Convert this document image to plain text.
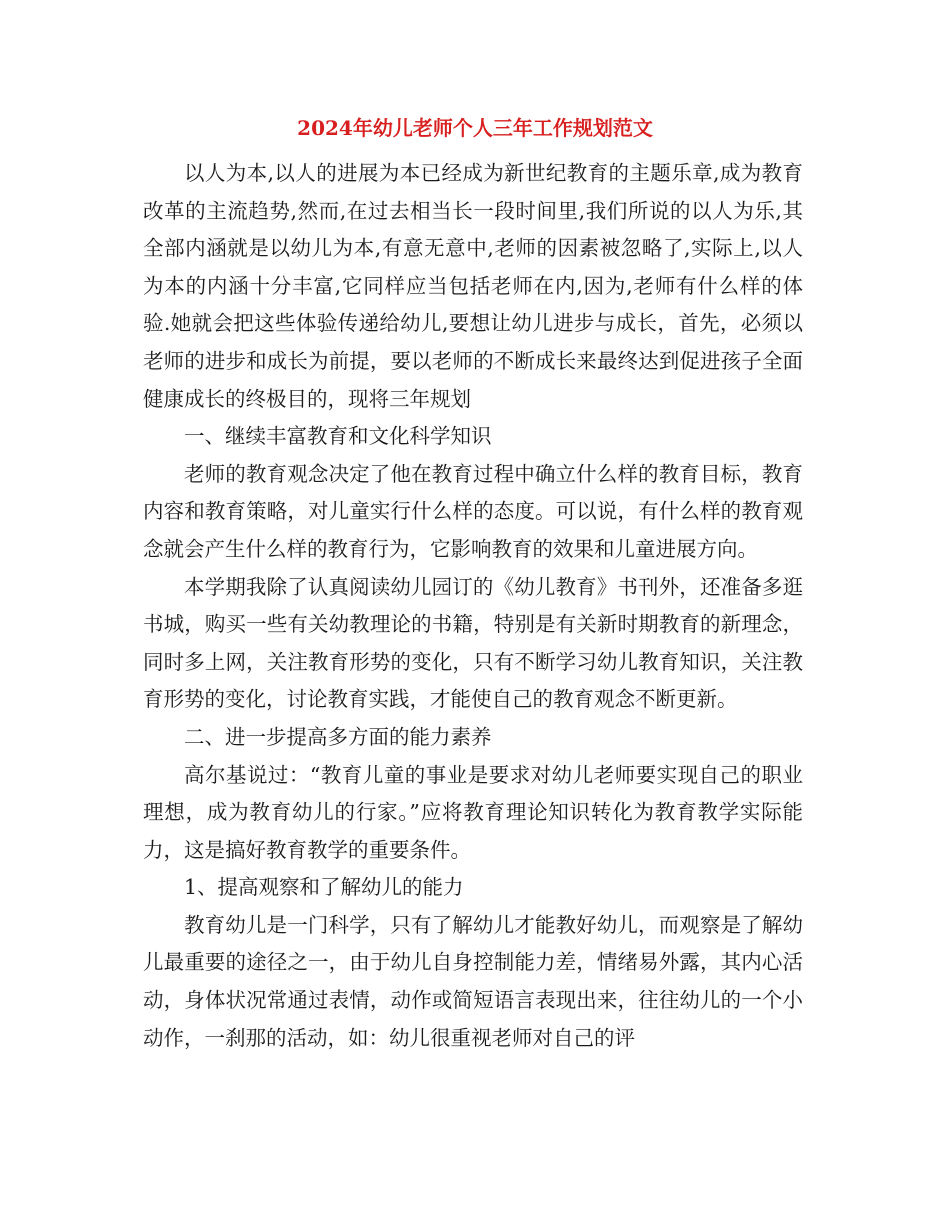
2024年幼儿老师个人三年工作规划范文

以人为本,以人的进展为本已经成为新世纪教育的主题乐章,成为教育改革的主流趋势,然而,在过去相当长一段时间里,我们所说的以人为乐,其全部内涵就是以幼儿为本,有意无意中,老师的因素被忽略了,实际上,以人为本的内涵十分丰富,它同样应当包括老师在内,因为,老师有什么样的体验.她就会把这些体验传递给幼儿,要想让幼儿进步与成长，首先，必须以老师的进步和成长为前提，要以老师的不断成长来最终达到促进孩子全面健康成长的终极目的，现将三年规划

一、继续丰富教育和文化科学知识

老师的教育观念决定了他在教育过程中确立什么样的教育目标，教育内容和教育策略，对儿童实行什么样的态度。可以说，有什么样的教育观念就会产生什么样的教育行为，它影响教育的效果和儿童进展方向。

本学期我除了认真阅读幼儿园订的《幼儿教育》书刊外，还准备多逛书城，购买一些有关幼教理论的书籍，特别是有关新时期教育的新理念，同时多上网，关注教育形势的变化，只有不断学习幼儿教育知识，关注教育形势的变化，讨论教育实践，才能使自己的教育观念不断更新。

二、进一步提高多方面的能力素养

高尔基说过：“教育儿童的事业是要求对幼儿老师要实现自己的职业理想，成为教育幼儿的行家。”应将教育理论知识转化为教育教学实际能力，这是搞好教育教学的重要条件。

1、提高观察和了解幼儿的能力

教育幼儿是一门科学，只有了解幼儿才能教好幼儿，而观察是了解幼儿最重要的途径之一，由于幼儿自身控制能力差，情绪易外露，其内心活动，身体状况常通过表情，动作或简短语言表现出来，往往幼儿的一个小动作，一刹那的活动，如：幼儿很重视老师对自己的评
